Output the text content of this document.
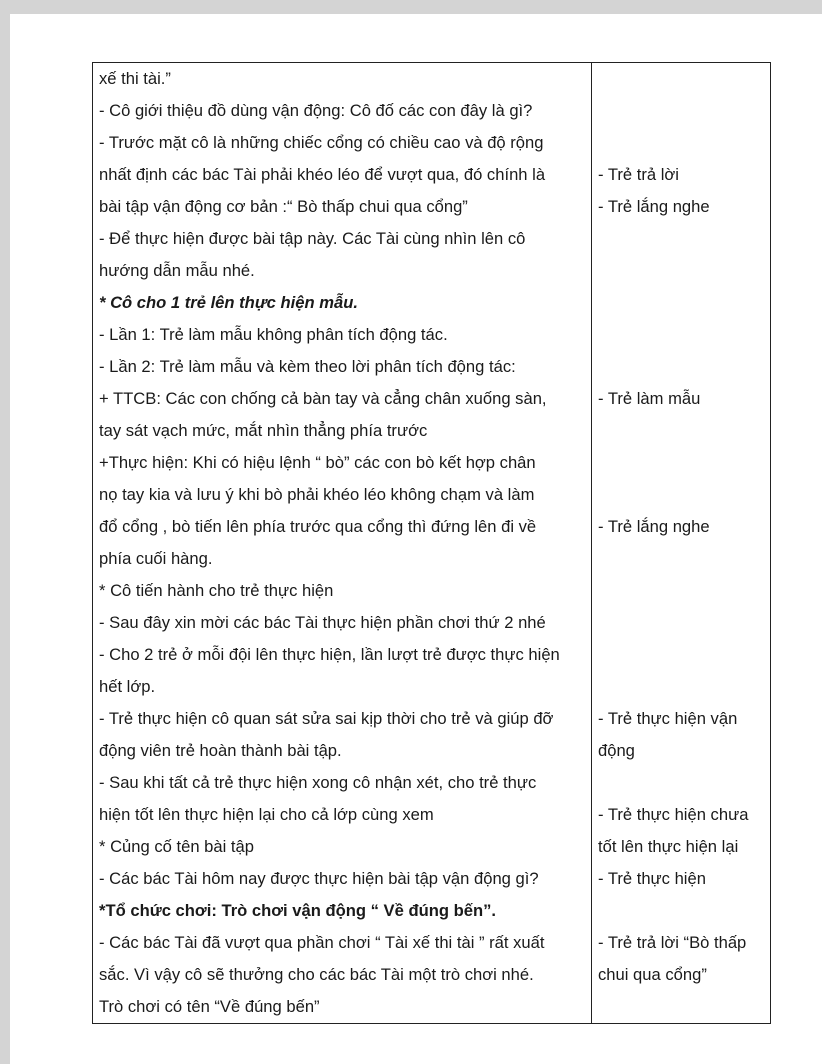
xế thi tài.”
- Cô giới thiệu đồ dùng vận động: Cô đố các con đây là gì?
- Trước mặt cô là những chiếc cổng có chiều cao và độ rộng
nhất định các bác Tài phải khéo léo để vượt qua, đó chính là
bài tập vận động cơ bản :“ Bò thấp chui qua cổng”
- Để thực hiện được bài tập này. Các Tài cùng nhìn lên cô
hướng dẫn mẫu nhé.
* Cô cho 1 trẻ lên thực hiện mẫu.
- Lần 1: Trẻ làm mẫu không phân tích động tác.
- Lần 2: Trẻ làm mẫu và kèm theo lời phân tích động tác:
+ TTCB: Các con chống cả bàn tay và cẳng chân xuống sàn,
tay sát vạch mức, mắt nhìn thẳng phía trước
+Thực hiện: Khi có hiệu lệnh “ bò” các con bò kết hợp chân
nọ tay kia và lưu ý khi bò phải khéo léo không chạm và làm
đổ cổng , bò tiến lên phía trước qua cổng thì đứng lên đi về
phía cuối hàng.
* Cô tiến hành cho trẻ thực hiện
- Sau đây xin mời các bác Tài thực hiện phần chơi thứ 2 nhé
- Cho 2 trẻ ở mỗi đội lên thực hiện, lần lượt trẻ được thực hiện
hết lớp.
- Trẻ thực hiện cô quan sát sửa sai kịp thời cho trẻ và giúp đỡ
động viên trẻ hoàn thành bài tập.
- Sau khi tất cả trẻ thực hiện xong cô nhận xét, cho trẻ thực
hiện tốt lên thực hiện lại cho cả lớp cùng xem
* Củng cố tên bài tập
- Các bác Tài hôm nay được thực hiện bài tập vận động gì?
*Tổ chức chơi: Trò chơi vận động “ Về đúng bến”.
- Các bác Tài đã vượt qua phần chơi “ Tài xế thi tài ” rất xuất
sắc. Vì vậy cô sẽ thưởng cho các bác Tài một trò chơi nhé.
Trò chơi có tên “Về đúng bến”
- Trẻ trả lời
- Trẻ lắng nghe
- Trẻ làm mẫu
- Trẻ lắng nghe
- Trẻ thực hiện vận
động
- Trẻ thực hiện chưa
tốt lên thực hiện lại
- Trẻ thực hiện
- Trẻ trả lời “Bò thấp
chui qua cổng”
